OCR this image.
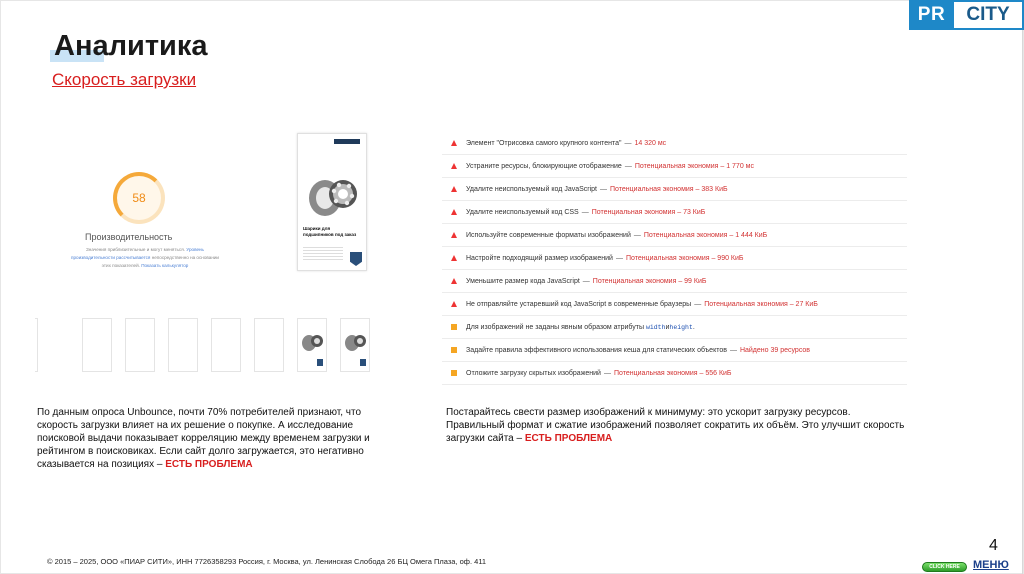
PR	CITY
Аналитика
Скорость загрузки
58
Производительность
Значения приблизительные и могут меняться. Уровень производительности рассчитывается непосредственно на основании этих показателей. Показать калькулятор
Шарики для подшипников под заказ
Элемент "Отрисовка самого крупного контента" — 14 320 мс
Устраните ресурсы, блокирующие отображение — Потенциальная экономия – 1 770 мс
Удалите неиспользуемый код JavaScript — Потенциальная экономия – 383 КиБ
Удалите неиспользуемый код CSS — Потенциальная экономия – 73 КиБ
Используйте современные форматы изображений — Потенциальная экономия – 1 444 КиБ
Настройте подходящий размер изображений — Потенциальная экономия – 990 КиБ
Уменьшите размер кода JavaScript — Потенциальная экономия – 99 КиБ
Не отправляйте устаревший код JavaScript в современные браузеры — Потенциальная экономия – 27 КиБ
Для изображений не заданы явным образом атрибуты
width и height .
Задайте правила эффективного использования кеша для статических объектов — Найдено 39 ресурсов
Отложите загрузку скрытых изображений — Потенциальная экономия – 556 КиБ

По данным опроса Unbounce, почти 70% потребителей признают, что скорость загрузки влияет на их решение о покупке. А исследование поисковой выдачи показывает корреляцию между временем загрузки и рейтингом в поисковиках. Если сайт долго загружается, это негативно сказывается на позициях – ЕСТЬ ПРОБЛЕМА

Постарайтесь свести размер изображений к минимуму: это ускорит загрузку ресурсов. Правильный формат и сжатие изображений позволяет сократить их объём. Это улучшит скорость загрузки сайта – ЕСТЬ ПРОБЛЕМА

© 2015 – 2025, ООО «ПИАР СИТИ», ИНН 7726358293 Россия, г. Москва, ул. Ленинская Слобода 26 БЦ Омега Плаза, оф. 411
4
CLICK HERE	МЕНЮ
